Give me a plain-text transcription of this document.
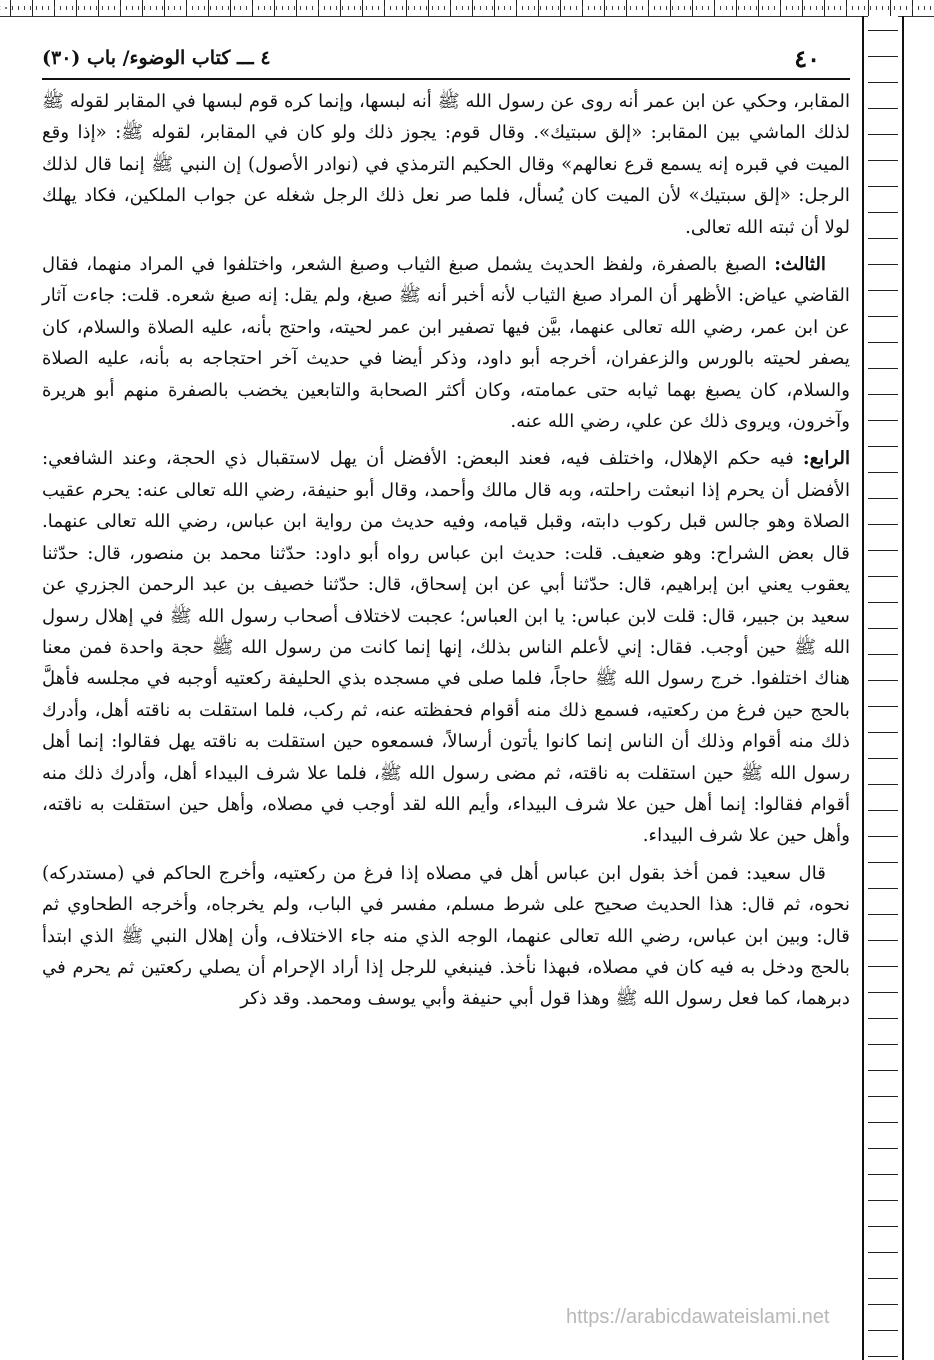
٤٠
٤ ـــ كتاب الوضوء/ باب (٣٠)

المقابر، وحكي عن ابن عمر أنه روى عن رسول الله ﷺ أنه لبسها، وإنما كره قوم لبسها في المقابر لقوله ﷺ لذلك الماشي بين المقابر: «إلق سبتيك». وقال قوم: يجوز ذلك ولو كان في المقابر، لقوله ﷺ: «إذا وقع الميت في قبره إنه يسمع قرع نعالهم» وقال الحكيم الترمذي في (نوادر الأصول) إن النبي ﷺ إنما قال لذلك الرجل: «إلق سبتيك» لأن الميت كان يُسأل، فلما صر نعل ذلك الرجل شغله عن جواب الملكين، فكاد يهلك لولا أن ثبته الله تعالى.

الثالث: الصبغ بالصفرة، ولفظ الحديث يشمل صبغ الثياب وصبغ الشعر، واختلفوا في المراد منهما، فقال القاضي عياض: الأظهر أن المراد صبغ الثياب لأنه أخبر أنه ﷺ صبغ، ولم يقل: إنه صبغ شعره. قلت: جاءت آثار عن ابن عمر، رضي الله تعالى عنهما، بيَّن فيها تصفير ابن عمر لحيته، واحتج بأنه، عليه الصلاة والسلام، كان يصفر لحيته بالورس والزعفران، أخرجه أبو داود، وذكر أيضا في حديث آخر احتجاجه به بأنه، عليه الصلاة والسلام، كان يصبغ بهما ثيابه حتى عمامته، وكان أكثر الصحابة والتابعين يخضب بالصفرة منهم أبو هريرة وآخرون، ويروى ذلك عن علي، رضي الله عنه.

الرابع: فيه حكم الإهلال، واختلف فيه، فعند البعض: الأفضل أن يهل لاستقبال ذي الحجة، وعند الشافعي: الأفضل أن يحرم إذا انبعثت راحلته، وبه قال مالك وأحمد، وقال أبو حنيفة، رضي الله تعالى عنه: يحرم عقيب الصلاة وهو جالس قبل ركوب دابته، وقبل قيامه، وفيه حديث من رواية ابن عباس، رضي الله تعالى عنهما. قال بعض الشراح: وهو ضعيف. قلت: حديث ابن عباس رواه أبو داود: حدّثنا محمد بن منصور، قال: حدّثنا يعقوب يعني ابن إبراهيم، قال: حدّثنا أبي عن ابن إسحاق، قال: حدّثنا خصيف بن عبد الرحمن الجزري عن سعيد بن جبير، قال: قلت لابن عباس: يا ابن العباس؛ عجبت لاختلاف أصحاب رسول الله ﷺ في إهلال رسول الله ﷺ حين أوجب. فقال: إني لأعلم الناس بذلك، إنها إنما كانت من رسول الله ﷺ حجة واحدة فمن معنا هناك اختلفوا. خرج رسول الله ﷺ حاجاً، فلما صلى في مسجده بذي الحليفة ركعتيه أوجبه في مجلسه فأهلَّ بالحج حين فرغ من ركعتيه، فسمع ذلك منه أقوام فحفظته عنه، ثم ركب، فلما استقلت به ناقته أهل، وأدرك ذلك منه أقوام وذلك أن الناس إنما كانوا يأتون أرسالاً، فسمعوه حين استقلت به ناقته يهل فقالوا: إنما أهل رسول الله ﷺ حين استقلت به ناقته، ثم مضى رسول الله ﷺ، فلما علا شرف البيداء أهل، وأدرك ذلك منه أقوام فقالوا: إنما أهل حين علا شرف البيداء، وأيم الله لقد أوجب في مصلاه، وأهل حين استقلت به ناقته، وأهل حين علا شرف البيداء.

قال سعيد: فمن أخذ بقول ابن عباس أهل في مصلاه إذا فرغ من ركعتيه، وأخرج الحاكم في (مستدركه) نحوه، ثم قال: هذا الحديث صحيح على شرط مسلم، مفسر في الباب، ولم يخرجاه، وأخرجه الطحاوي ثم قال: وبين ابن عباس، رضي الله تعالى عنهما، الوجه الذي منه جاء الاختلاف، وأن إهلال النبي ﷺ الذي ابتدأ بالحج ودخل به فيه كان في مصلاه، فبهذا نأخذ. فينبغي للرجل إذا أراد الإحرام أن يصلي ركعتين ثم يحرم في دبرهما، كما فعل رسول الله ﷺ وهذا قول أبي حنيفة وأبي يوسف ومحمد. وقد ذكر

https://arabicdawateislami.net
